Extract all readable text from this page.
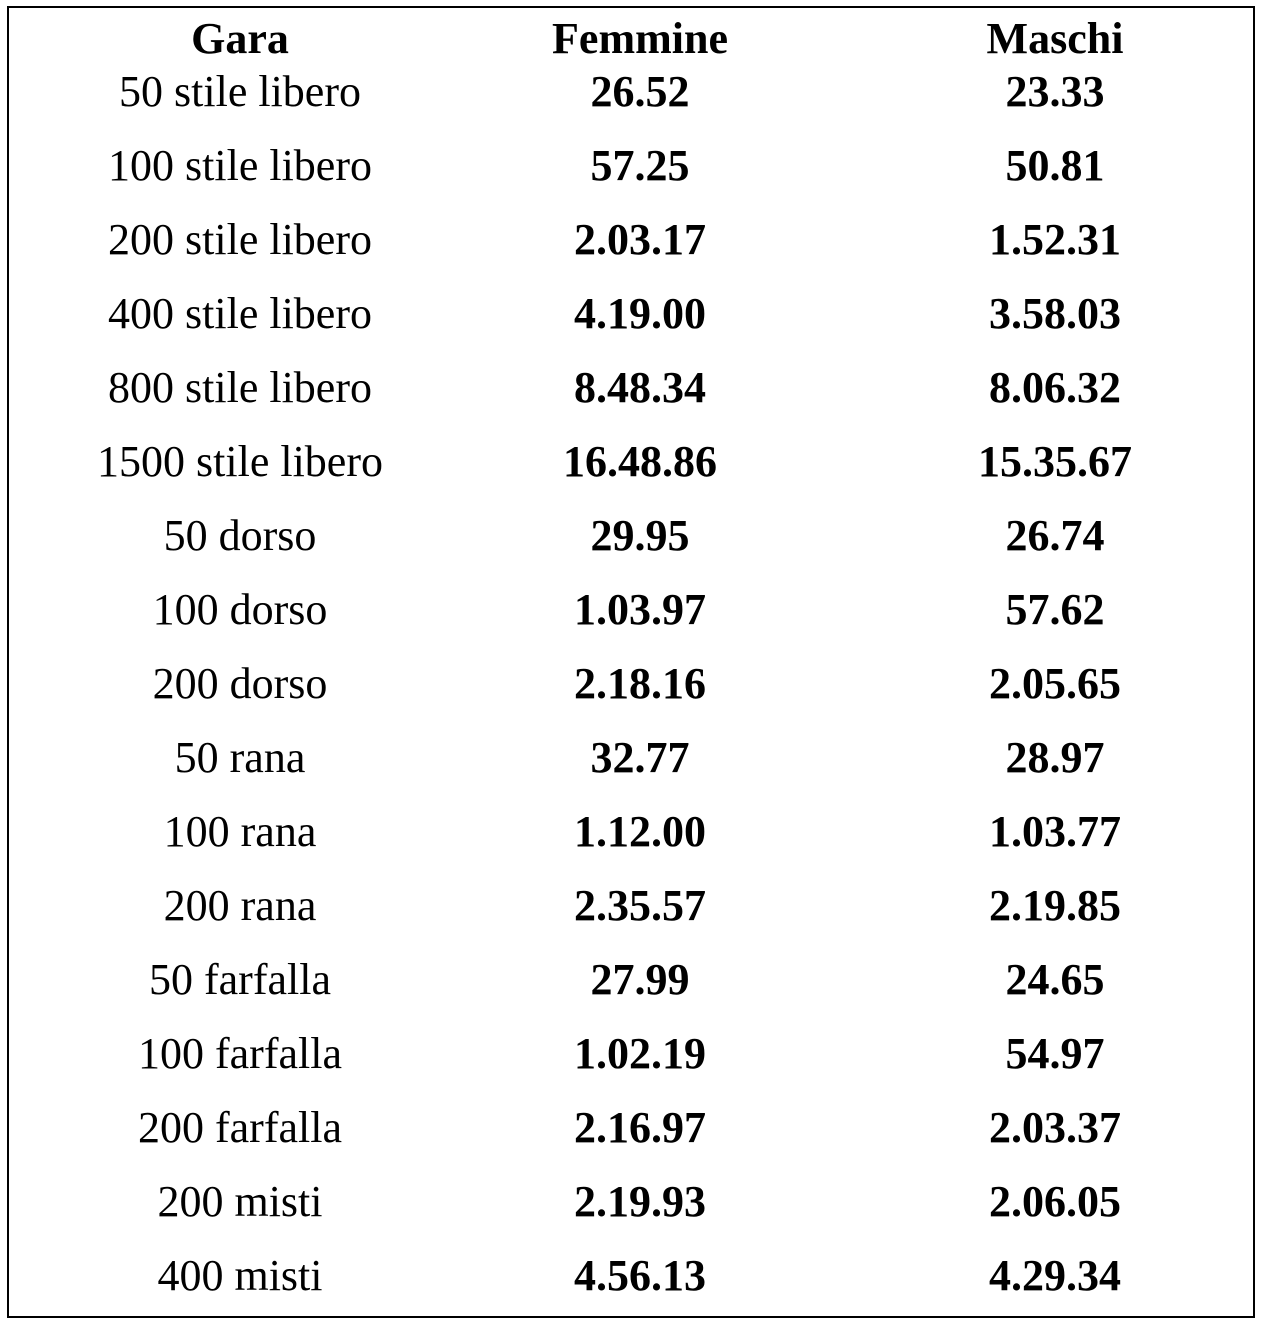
Gara	Femmine	Maschi
50 stile libero	26.52	23.33
100 stile libero	57.25	50.81
200 stile libero	2.03.17	1.52.31
400 stile libero	4.19.00	3.58.03
800 stile libero	8.48.34	8.06.32
1500 stile libero	16.48.86	15.35.67
50 dorso	29.95	26.74
100 dorso	1.03.97	57.62
200 dorso	2.18.16	2.05.65
50 rana	32.77	28.97
100 rana	1.12.00	1.03.77
200 rana	2.35.57	2.19.85
50 farfalla	27.99	24.65
100 farfalla	1.02.19	54.97
200 farfalla	2.16.97	2.03.37
200 misti	2.19.93	2.06.05
400 misti	4.56.13	4.29.34
